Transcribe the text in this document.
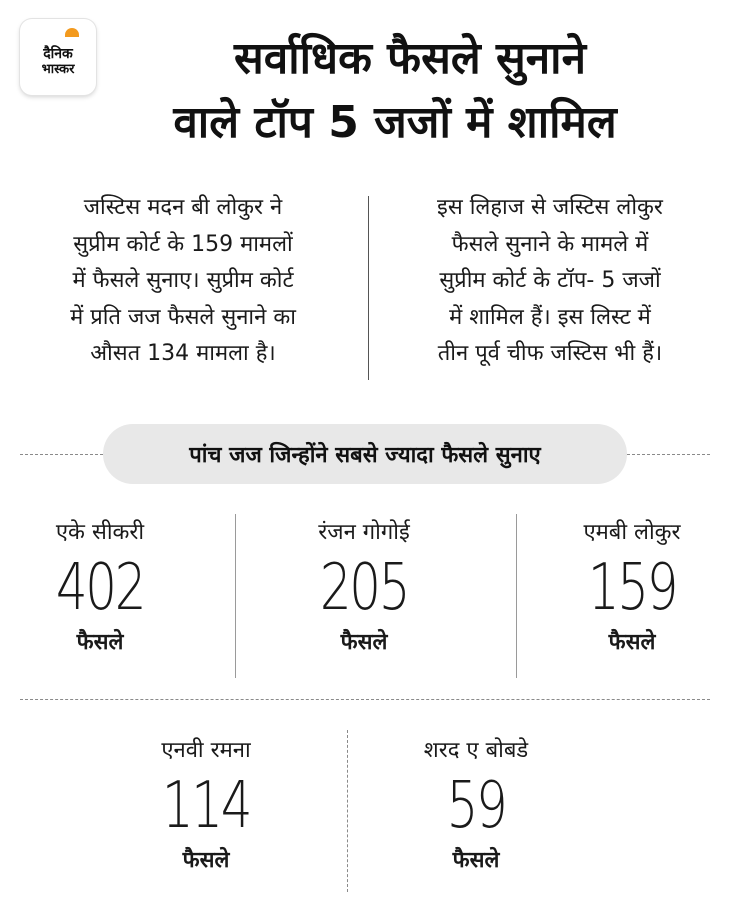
दैनिक
भास्कर	सर्वाधिक फैसले सुनाने
वाले टॉप 5 जजों में शामिल
जस्टिस मदन बी लोकुर ने
सुप्रीम कोर्ट के 159 मामलों
में फैसले सुनाए। सुप्रीम कोर्ट
में प्रति जज फैसले सुनाने का
औसत 134 मामला है।
इस लिहाज से जस्टिस लोकुर
फैसले सुनाने के मामले में
सुप्रीम कोर्ट के टॉप- 5 जजों
में शामिल हैं। इस लिस्ट में
तीन पूर्व चीफ जस्टिस भी हैं।
पांच जज जिन्होंने सबसे ज्यादा फैसले सुनाए
एके सीकरी
402
फैसले
रंजन गोगोई
205
फैसले
एमबी लोकुर
159
फैसले
एनवी रमना
114
फैसले
शरद ए बोबडे
59
फैसले
